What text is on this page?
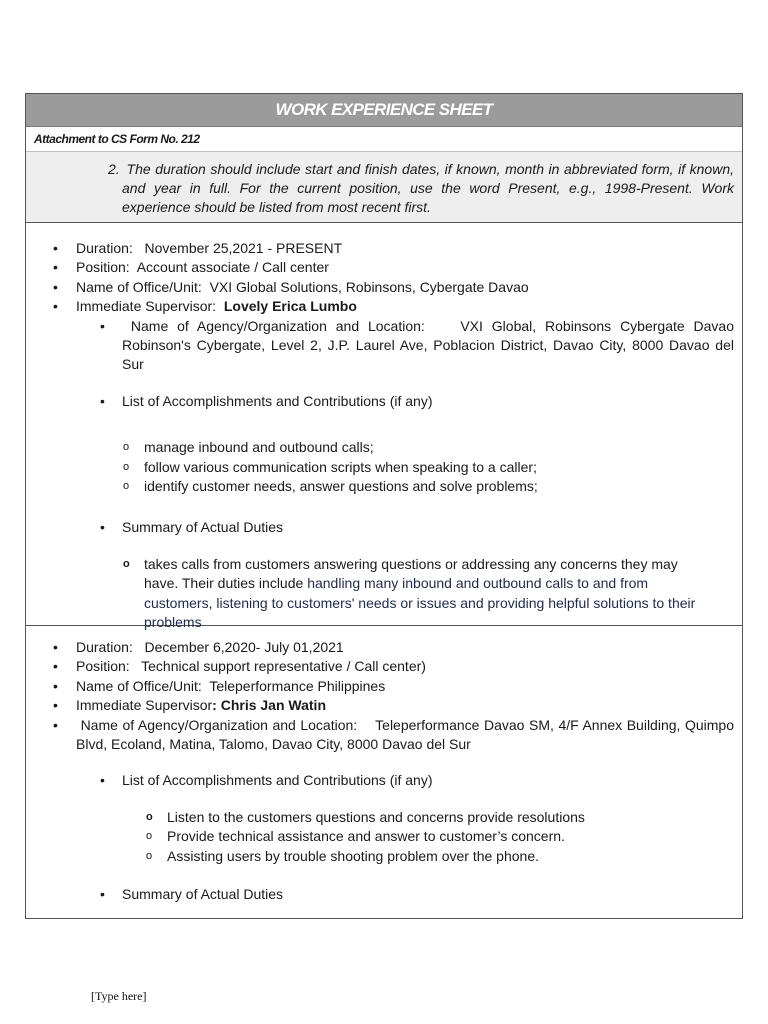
WORK EXPERIENCE SHEET
Attachment to CS Form No. 212
2. The duration should include start and finish dates, if known, month in abbreviated form, if known, and year in full. For the current position, use the word Present, e.g., 1998-Present. Work experience should be listed from most recent first.
• Duration: November 25,2021 - PRESENT
• Position: Account associate / Call center
• Name of Office/Unit: VXI Global Solutions, Robinsons, Cybergate Davao
• Immediate Supervisor: Lovely Erica Lumbo
• Name of Agency/Organization and Location:	VXI Global, Robinsons Cybergate Davao Robinson's Cybergate, Level 2, J.P. Laurel Ave, Poblacion District, Davao City, 8000 Davao del Sur
• List of Accomplishments and Contributions (if any)
o manage inbound and outbound calls;
o follow various communication scripts when speaking to a caller;
o identify customer needs, answer questions and solve problems;
• Summary of Actual Duties
o takes calls from customers answering questions or addressing any concerns they may have. Their duties include handling many inbound and outbound calls to and from customers, listening to customers' needs or issues and providing helpful solutions to their problems
• Duration: December 6,2020- July 01,2021
• Position: Technical support representative / Call center)
• Name of Office/Unit: Teleperformance Philippines
• Immediate Supervisor: Chris Jan Watin
• Name of Agency/Organization and Location: Teleperformance Davao SM, 4/F Annex Building, Quimpo Blvd, Ecoland, Matina, Talomo, Davao City, 8000 Davao del Sur
• List of Accomplishments and Contributions (if any)
o Listen to the customers questions and concerns provide resolutions
o Provide technical assistance and answer to customer’s concern.
o Assisting users by trouble shooting problem over the phone.
• Summary of Actual Duties
[Type here]
